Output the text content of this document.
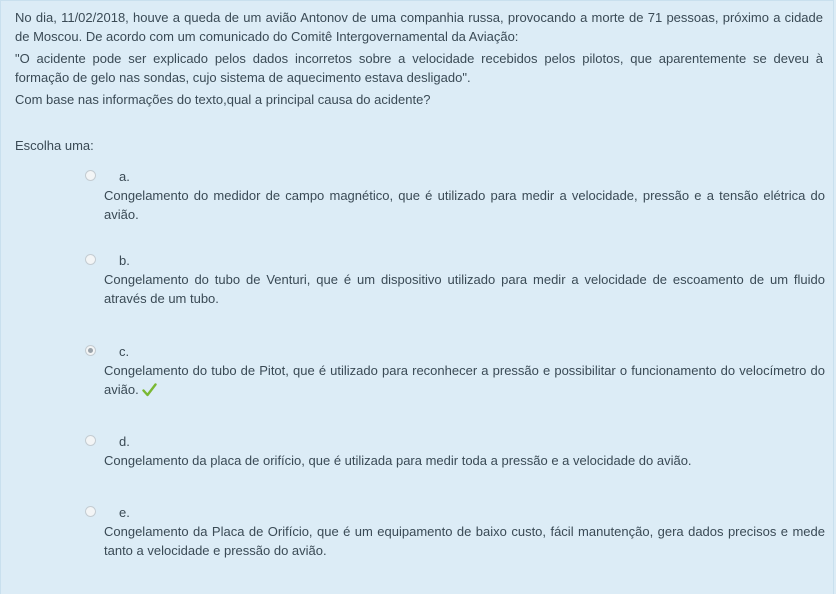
No dia, 11/02/2018, houve a queda de um avião Antonov de uma companhia russa, provocando a morte de 71 pessoas, próximo a cidade de Moscou. De acordo com um comunicado do Comitê Intergovernamental da Aviação:

"O acidente pode ser explicado pelos dados incorretos sobre a velocidade recebidos pelos pilotos, que aparentemente se deveu à formação de gelo nas sondas, cujo sistema de aquecimento estava desligado".

Com base nas informações do texto,qual a principal causa do acidente?

Escolha uma:
a.
Congelamento do medidor de campo magnético, que é utilizado para medir a velocidade, pressão e a tensão elétrica do avião.
b.
Congelamento do tubo de Venturi, que é um dispositivo utilizado para medir a velocidade de escoamento de um fluido através de um tubo.
c.
Congelamento do tubo de Pitot, que é utilizado para reconhecer a pressão e possibilitar o funcionamento do velocímetro do avião.
d.
Congelamento da placa de orifício, que é utilizada para medir toda a pressão e a velocidade do avião.
e.
Congelamento da Placa de Orifício, que é um equipamento de baixo custo, fácil manutenção, gera dados precisos e mede tanto a velocidade e pressão do avião.
